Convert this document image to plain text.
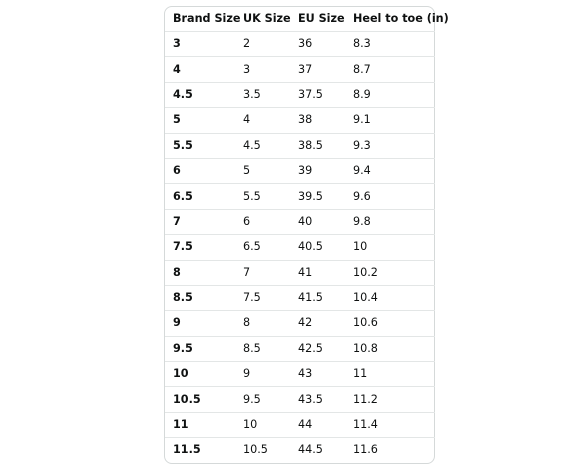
Brand Size	UK Size	EU Size	Heel to toe (in)
3	2	36	8.3
4	3	37	8.7
4.5	3.5	37.5	8.9
5	4	38	9.1
5.5	4.5	38.5	9.3
6	5	39	9.4
6.5	5.5	39.5	9.6
7	6	40	9.8
7.5	6.5	40.5	10
8	7	41	10.2
8.5	7.5	41.5	10.4
9	8	42	10.6
9.5	8.5	42.5	10.8
10	9	43	11
10.5	9.5	43.5	11.2
11	10	44	11.4
11.5	10.5	44.5	11.6
